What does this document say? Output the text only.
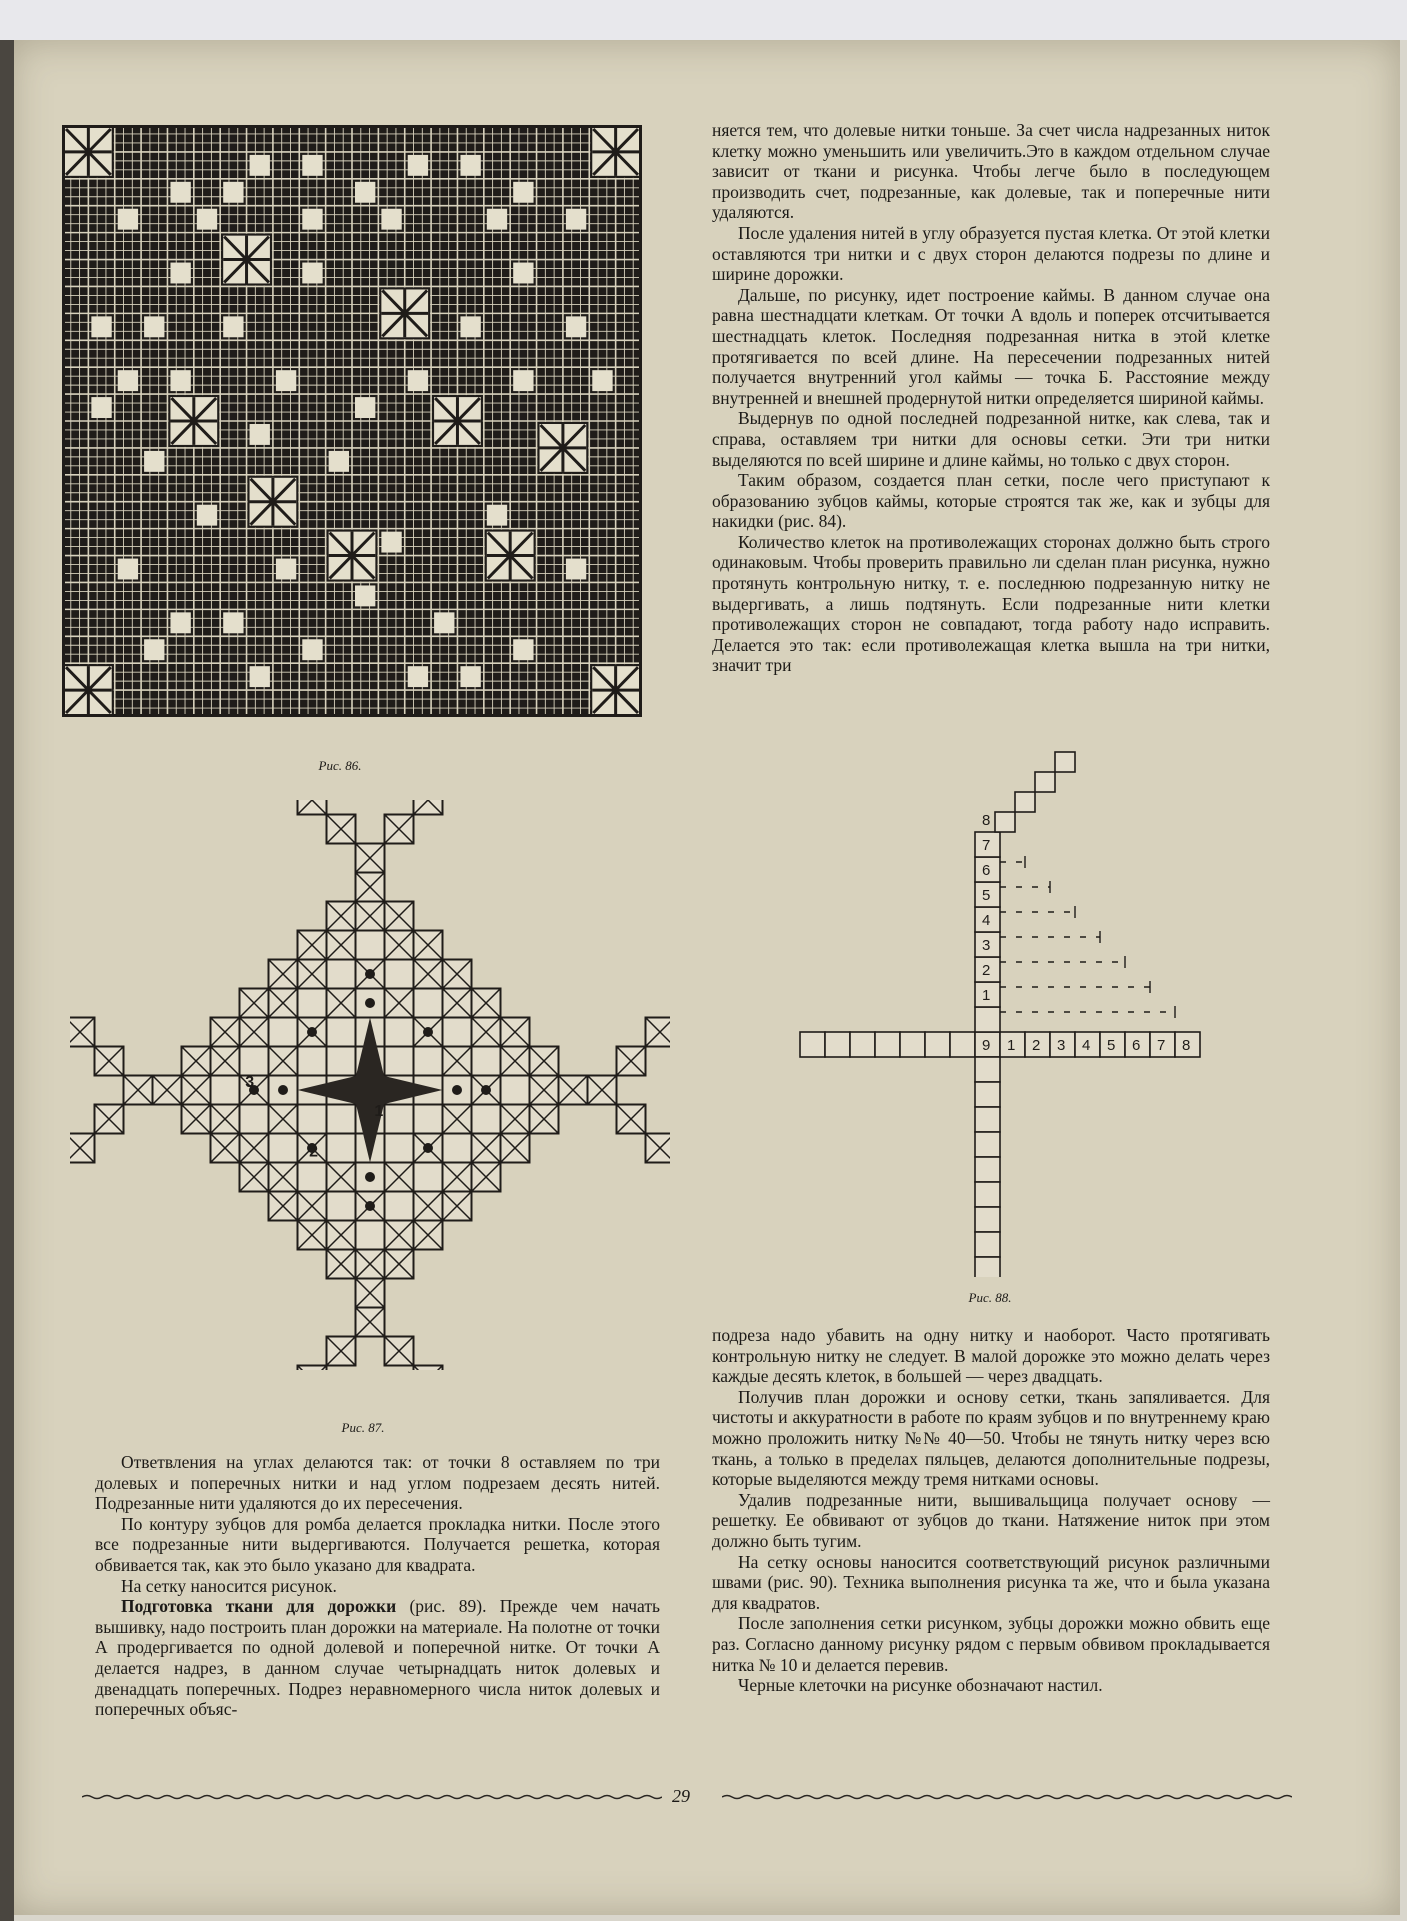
Рис. 86.
3
2
1
Рис. 87.
9 1 2 3 4 5 6 7 8
8
7
6
5
4
3
2
1
Рис. 88.

няется тем, что долевые нитки тоньше. За счет числа надрезанных ниток клетку можно уменьшить или увеличить.Это в каждом отдельном случае зависит от ткани и рисунка. Чтобы легче было в последующем производить счет, подрезанные, как долевые, так и поперечные нити удаляются.

После удаления нитей в углу образуется пустая клетка. От этой клетки оставляются три нитки и с двух сторон делаются подрезы по длине и ширине дорожки.

Дальше, по рисунку, идет построение каймы. В данном случае она равна шестнадцати клеткам. От точки А вдоль и поперек отсчитывается шестнадцать клеток. Последняя подрезанная нитка в этой клетке протягивается по всей длине. На пересечении подрезанных нитей получается внутренний угол каймы — точка Б. Расстояние между внутренней и внешней продернутой нитки определяется шириной каймы.

Выдернув по одной последней подрезанной нитке, как слева, так и справа, оставляем три нитки для основы сетки. Эти три нитки выделяются по всей ширине и длине каймы, но только с двух сторон.

Таким образом, создается план сетки, после чего приступают к образованию зубцов каймы, которые строятся так же, как и зубцы для накидки (рис. 84).

Количество клеток на противолежащих сторонах должно быть строго одинаковым. Чтобы проверить правильно ли сделан план рисунка, нужно протянуть контрольную нитку, т. е. последнюю подрезанную нитку не выдергивать, а лишь подтянуть. Если подрезанные нити клетки противолежащих сторон не совпадают, тогда работу надо исправить. Делается это так: если противолежащая клетка вышла на три нитки, значит три

подреза надо убавить на одну нитку и наоборот. Часто протягивать контрольную нитку не следует. В малой дорожке это можно делать через каждые десять клеток, в большей — через двадцать.

Получив план дорожки и основу сетки, ткань запяливается. Для чистоты и аккуратности в работе по краям зубцов и по внутреннему краю можно проложить нитку №№ 40—50. Чтобы не тянуть нитку через всю ткань, а только в пределах пяльцев, делаются дополнительные подрезы, которые выделяются между тремя нитками основы.

Удалив подрезанные нити, вышивальщица получает основу — решетку. Ее обвивают от зубцов до ткани. Натяжение ниток при этом должно быть тугим.

На сетку основы наносится соответствующий рисунок различными швами (рис. 90). Техника выполнения рисунка та же, что и была указана для квадратов.

После заполнения сетки рисунком, зубцы дорожки можно обвить еще раз. Согласно данному рисунку рядом с первым обвивом прокладывается нитка № 10 и делается перевив.

Черные клеточки на рисунке обозначают настил.

Ответвления на углах делаются так: от точки 8 оставляем по три долевых и поперечных нитки и над углом подрезаем десять нитей. Подрезанные нити удаляются до их пересечения.

По контуру зубцов для ромба делается прокладка нитки. После этого все подрезанные нити выдергиваются. Получается решетка, которая обвивается так, как это было указано для квадрата.

На сетку наносится рисунок.

Подготовка ткани для дорожки (рис. 89). Прежде чем начать вышивку, надо построить план дорожки на материале. На полотне от точки А продергивается по одной долевой и поперечной нитке. От точки А делается надрез, в данном случае четырнадцать ниток долевых и двенадцать поперечных. Подрез неравномерного числа ниток долевых и поперечных объяс-

29
